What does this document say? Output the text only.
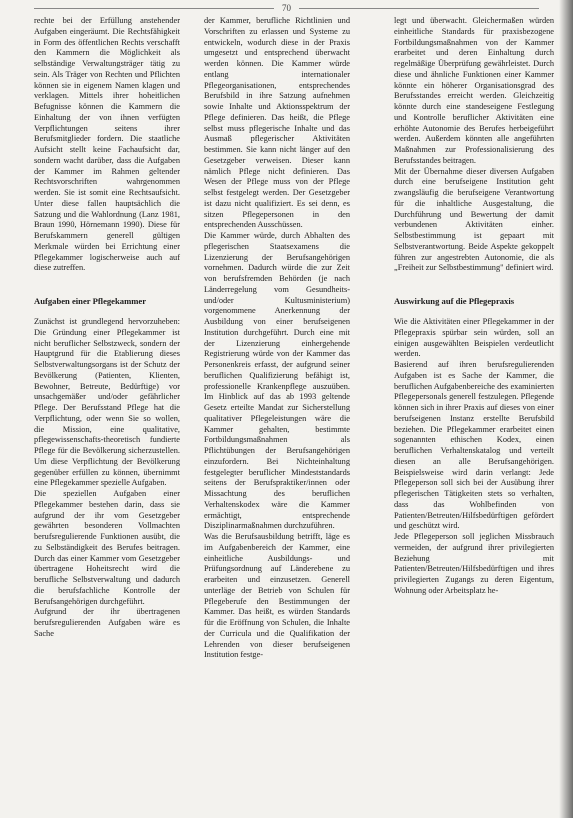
70

rechte bei der Erfüllung anstehender Aufgaben eingeräumt. Die Rechtsfähigkeit in Form des öffentlichen Rechts verschafft den Kammern die Möglichkeit als selbständige Verwaltungsträger tätig zu sein. Als Träger von Rechten und Pflichten können sie in eigenem Namen klagen und verklagen. Mittels ihrer hoheitlichen Befugnisse können die Kammern die Einhaltung der von ihnen verfügten Verpflichtungen seitens ihrer Berufsmitglieder fordern. Die staatliche Aufsicht stellt keine Fachaufsicht dar, sondern wacht darüber, dass die Aufgaben der Kammer im Rahmen geltender Rechtsvorschriften wahrgenommen werden. Sie ist somit eine Rechtsaufsicht. Unter diese fallen hauptsächlich die Satzung und die Wahlordnung (Lanz 1981, Braun 1990, Hörnemann 1990). Diese für Berufskammern generell gültigen Merkmale würden bei Errichtung einer Pflegekammer logischerweise auch auf diese zutreffen.

Aufgaben einer Pflegekammer

Zunächst ist grundlegend hervorzuheben: Die Gründung einer Pflegekammer ist nicht beruflicher Selbstzweck, sondern der Hauptgrund für die Etablierung dieses Selbstverwaltungsorgans ist der Schutz der Bevölkerung (Patienten, Klienten, Bewohner, Betreute, Bedürftige) vor unsachgemäßer und/oder gefährlicher Pflege. Der Berufsstand Pflege hat die Verpflichtung, oder wenn Sie so wollen, die Mission, eine qualitative, pflegewissenschafts-theoretisch fundierte Pflege für die Bevölkerung sicherzustellen. Um diese Verpflichtung der Bevölkerung gegenüber erfüllen zu können, übernimmt eine Pflegekammer spezielle Aufgaben.

Die speziellen Aufgaben einer Pflegekammer bestehen darin, dass sie aufgrund der ihr vom Gesetzgeber gewährten besonderen Vollmachten berufsregulierende Funktionen ausübt, die zu Selbständigkeit des Berufes beitragen. Durch das einer Kammer vom Gesetzgeber übertragene Hoheitsrecht wird die berufliche Selbstverwaltung und dadurch die berufsfachliche Kontrolle der Berufsangehörigen durchgeführt.

Aufgrund der ihr übertragenen berufsregulierenden Aufgaben wäre es Sache

der Kammer, berufliche Richtlinien und Vorschriften zu erlassen und Systeme zu entwickeln, wodurch diese in der Praxis umgesetzt und entsprechend überwacht werden können. Die Kammer würde entlang internationaler Pflegeorganisationen, entsprechendes Berufsbild in ihre Satzung aufnehmen sowie Inhalte und Aktionsspektrum der Pflege definieren. Das heißt, die Pflege selbst muss pflegerische Inhalte und das Ausmaß pflegerischer Aktivitäten bestimmen. Sie kann nicht länger auf den Gesetzgeber verweisen. Dieser kann nämlich Pflege nicht definieren. Das Wesen der Pflege muss von der Pflege selbst festgelegt werden. Der Gesetzgeber ist dazu nicht qualifiziert. Es sei denn, es sitzen Pflegepersonen in den entsprechenden Ausschüssen.

Die Kammer würde, durch Abhalten des pflegerischen Staatsexamens die Lizenzierung der Berufsangehörigen vornehmen. Dadurch würde die zur Zeit von berufsfremden Behörden (je nach Länderregelung vom Gesundheits- und/oder Kultusministerium) vorgenommene Anerkennung der Ausbildung von einer berufseigenen Institution durchgeführt. Durch eine mit der Lizenzierung einhergehende Registrierung würde von der Kammer das Personenkreis erfasst, der aufgrund seiner beruflichen Qualifizierung befähigt ist, professionelle Krankenpflege auszuüben. Im Hinblick auf das ab 1993 geltende Gesetz erteilte Mandat zur Sicherstellung qualitativer Pflegeleistungen wäre die Kammer gehalten, bestimmte Fortbildungsmaßnahmen als Pflichtübungen der Berufsangehörigen einzufordern. Bei Nichteinhaltung festgelegter beruflicher Mindeststandards seitens der Berufspraktiker/innen oder Missachtung des beruflichen Verhaltenskodex wäre die Kammer ermächtigt, entsprechende Disziplinarmaßnahmen durchzuführen.

Was die Berufsausbildung betrifft, läge es im Aufgabenbereich der Kammer, eine einheitliche Ausbildungs- und Prüfungsordnung auf Länderebene zu erarbeiten und einzusetzen. Generell unterläge der Betrieb von Schulen für Pflegeberufe den Bestimmungen der Kammer. Das heißt, es würden Standards für die Eröffnung von Schulen, die Inhalte der Curricula und die Qualifikation der Lehrenden von dieser berufseigenen Institution festge-

legt und überwacht. Gleichermaßen würden einheitliche Standards für praxisbezogene Fortbildungsmaßnahmen von der Kammer erarbeitet und deren Einhaltung durch regelmäßige Überprüfung gewährleistet. Durch diese und ähnliche Funktionen einer Kammer könnte ein höherer Organisationsgrad des Berufsstandes erreicht werden. Gleichzeitig könnte durch eine standeseigene Festlegung und Kontrolle beruflicher Aktivitäten eine erhöhte Autonomie des Berufes herbeigeführt werden. Außerdem könnten alle angeführten Maßnahmen zur Professionalisierung des Berufsstandes beitragen.

Mit der Übernahme dieser diversen Aufgaben durch eine berufseigene Institution geht zwangsläufig die berufseigene Verantwortung für die inhaltliche Ausgestaltung, die Durchführung und Bewertung der damit verbundenen Aktivitäten einher. Selbstbestimmung ist gepaart mit Selbstverantwortung. Beide Aspekte gekoppelt führen zur angestrebten Autonomie, die als „Freiheit zur Selbstbestimmung" definiert wird.

Auswirkung auf die Pflegepraxis

Wie die Aktivitäten einer Pflegekammer in der Pflegepraxis spürbar sein würden, soll an einigen ausgewählten Beispielen verdeutlicht werden.

Basierend auf ihren berufsregulierenden Aufgaben ist es Sache der Kammer, die beruflichen Aufgabenbereiche des examinierten Pflegepersonals generell festzulegen. Pflegende können sich in ihrer Praxis auf dieses von einer berufseigenen Instanz erstellte Berufsbild beziehen. Die Pflegekammer erarbeitet einen sogenannten ethischen Kodex, einen beruflichen Verhaltenskatalog und verteilt diesen an alle Berufsangehörigen. Beispielsweise wird darin verlangt: Jede Pflegeperson soll sich bei der Ausübung ihrer pflegerischen Tätigkeiten stets so verhalten, dass das Wohlbefinden von Patienten/Betreuten/Hilfsbedürftigen gefördert und geschützt wird.

Jede Pflegeperson soll jeglichen Missbrauch vermeiden, der aufgrund ihrer privilegierten Beziehung mit Patienten/Betreuten/Hilfsbedürftigen und ihres privilegierten Zugangs zu deren Eigentum, Wohnung oder Arbeitsplatz he-
